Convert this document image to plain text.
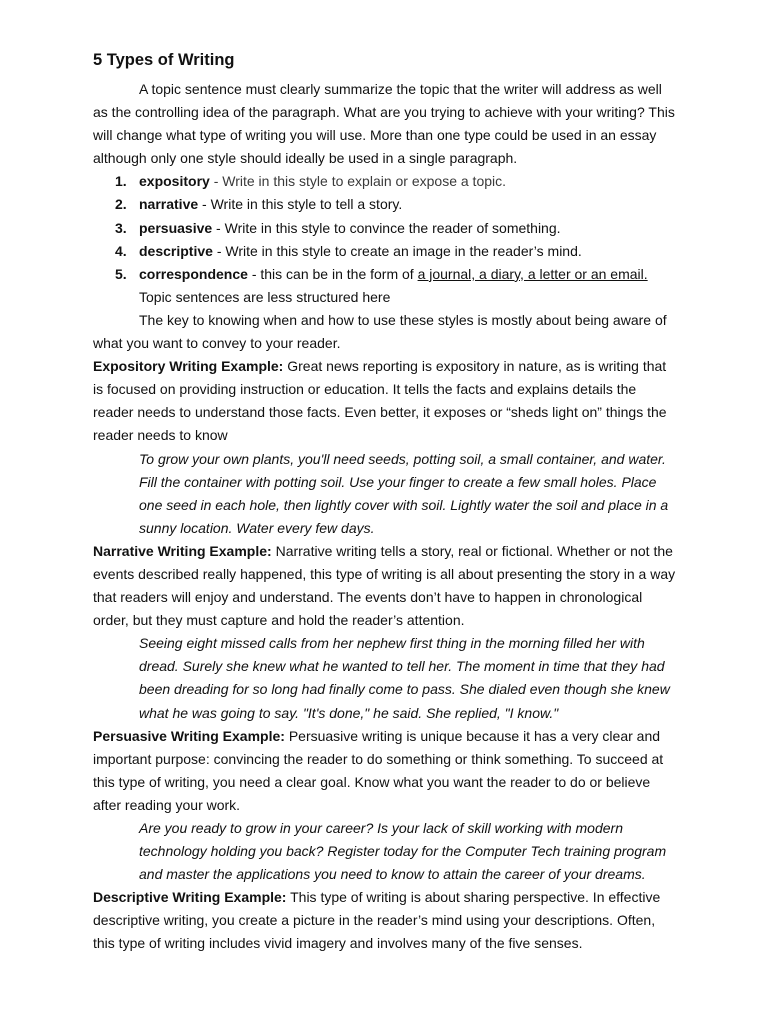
5 Types of Writing

A topic sentence must clearly summarize the topic that the writer will address as well as the controlling idea of the paragraph. What are you trying to achieve with your writing? This will change what type of writing you will use. More than one type could be used in an essay although only one style should ideally be used in a single paragraph.

1. expository - Write in this style to explain or expose a topic.
2. narrative - Write in this style to tell a story.
3. persuasive - Write in this style to convince the reader of something.
4. descriptive - Write in this style to create an image in the reader’s mind.
5. correspondence - this can be in the form of a journal, a diary, a letter or an email.

Topic sentences are less structured here

The key to knowing when and how to use these styles is mostly about being aware of what you want to convey to your reader.

Expository Writing Example: Great news reporting is expository in nature, as is writing that is focused on providing instruction or education. It tells the facts and explains details the reader needs to understand those facts. Even better, it exposes or “sheds light on” things the reader needs to know

To grow your own plants, you'll need seeds, potting soil, a small container, and water. Fill the container with potting soil. Use your finger to create a few small holes. Place one seed in each hole, then lightly cover with soil. Lightly water the soil and place in a sunny location. Water every few days.

Narrative Writing Example: Narrative writing tells a story, real or fictional. Whether or not the events described really happened, this type of writing is all about presenting the story in a way that readers will enjoy and understand. The events don’t have to happen in chronological order, but they must capture and hold the reader’s attention.

Seeing eight missed calls from her nephew first thing in the morning filled her with dread. Surely she knew what he wanted to tell her. The moment in time that they had been dreading for so long had finally come to pass. She dialed even though she knew what he was going to say. "It's done," he said. She replied, "I know."

Persuasive Writing Example: Persuasive writing is unique because it has a very clear and important purpose: convincing the reader to do something or think something. To succeed at this type of writing, you need a clear goal. Know what you want the reader to do or believe after reading your work.

Are you ready to grow in your career? Is your lack of skill working with modern technology holding you back? Register today for the Computer Tech training program and master the applications you need to know to attain the career of your dreams.

Descriptive Writing Example: This type of writing is about sharing perspective. In effective descriptive writing, you create a picture in the reader’s mind using your descriptions. Often, this type of writing includes vivid imagery and involves many of the five senses.
